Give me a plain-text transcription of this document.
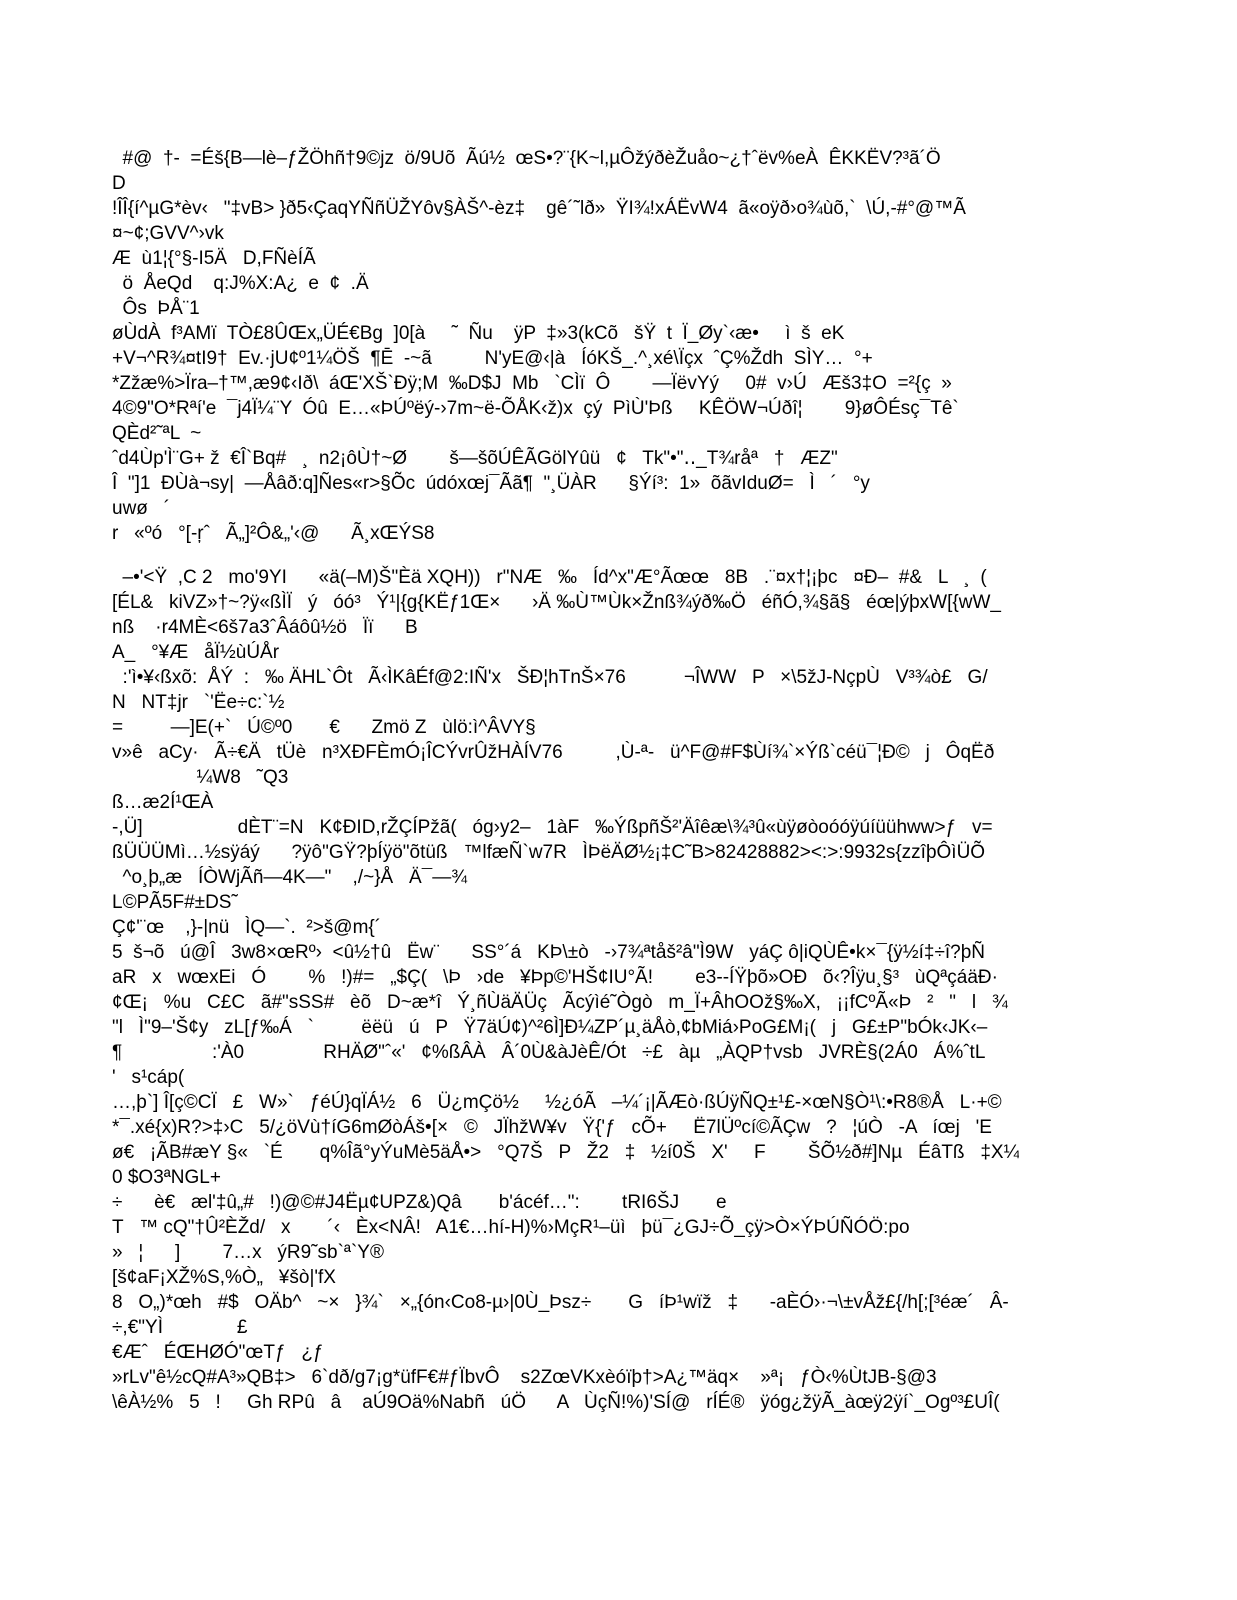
#@  †-  =Éš{B—lè–ƒŽÖhñ†9©jz  ö/9Uõ  Ãú½  œS•?¨{K~l,µÔžýðèŽuåo~¿†ˆëv%eÀ  ÊKKËV?³ã´Ö
D
!ÎÎ{í^µG*èv‹   "‡vB> }ð5‹ÇaqYÑñÜŽYôv§ÀŠ^-èz‡    gê´˜lð»  ŸI¾!xÁËvW4  ã«oÿð›o¾ùõ,`  \Ú,-#°@™Ã
¤~¢;GVV^›vk
Æ  ù1¦{°§-I5Ä   D,FÑèÍÃ
ö  ÅeQd    q:J%X:A¿  e  ¢  .Ä
Ôs  ÞÅ¨1
øÙdÀ  f³AMï  TÒ£8ÛŒx„ÜÉ€Bg  ]0[à     ˜  Ñu    ÿP  ‡»3(kCõ   šŸ  t  Ï_Øy`‹æ•     ì  š  eK
+V¬^R¾¤tI9†  Ev.·jU¢º1¼ÖŠ  ¶Ē  -~ã          N'yE@‹|à   ÍóKŠ_.^¸xé\Ïçx  ˆÇ%Ždh  SÌY…  °+
*Zžæ%>Ïra–†™,æ9¢‹Ið\  áŒ'XŠ`Ðÿ;M  ‰D$J  Mb   `CÌï  Ô        —ÏëvYý     0#  v›Ú   Æš3‡O  =²{ç  »
4©9"O*Rªí'e  ¯j4Ï¼¨Y  Óû  E…«ÞÚºëý-›7m~ë-ÕÅK‹ž)x  çý  PìÙ'Þß     KÊÖW¬Úðî¦        9}øÔÉsç¯Tê`
QÈd²˜ªL  ~
ˆd4Ùp'Ì¨G+ ž  €Î`Bq#   ¸  n2¡ôÙ†~Ø        š—šõÚÊÃGölYûü   ¢   Tk"•"‥_T¾råª   †   ÆZ"
Î  "]1  ÐÙà¬sy|  —Åâð:q]Ñes«r>§Õc  údóxœj¯Ãã¶  "¸ÜÀR      §Ýí³:  1»  õãvIduØ=   Ì   ´   °y
uwø   ´
r   «ºó   °[-ŗˆ   Ã„]²Ô&„'‹@      Ã¸xŒÝS8
–•'<Ÿ  ,C 2   mo'9YI      «ä(–M)Š"Èä XQH))   r"NÆ   ‰   Íd^x"Æ°Ãœœ   8B   .¨¤x†¦¡þc   ¤Ð–  #&   L   ¸  (
[ÉL&   kiVZ»†~?ÿ«ßÌÏ   ý   óó³   Ý¹|{g{KËƒ1Œ×      ›Ä ‰Ù™Ùk×Žnß¾ýð‰Ö   éñÓ,¾§ã§   éœ|ýþxW[{wW_
nß    ·r4MÈ<6š7a3ˆÂáôû½ö   Ïï      B
A_   °¥Æ   åÏ½ùÚÅr
:'ì•¥‹ßxõ:  ÅÝ  :   ‰ ÄHL`Ôt   Ã‹ÌKâÉf@2:IÑ'x   ŠÐ¦hTnŠ×76           ¬ÎWW   P   ×\5žJ-NçpÙ   V³¾ò£   G/
N   NT‡jr   `'Ëe÷c:`½
=         —]E(+`   Ú©º0       €      Zmö Z   ùlö:ì^ÂVY§
v»ê   aCy·   Ã÷€Ä   tÜè   n³XÐFÈmÓ¡ÎCÝvrÛžHÀÍV76          ,Ù-ª-   ü^F@#F$Ùí¾`×Ýß`céü¯¦Ð©   j   ÔqËð
¼W8   ˜Q3
ß…æ2Í¹ŒÀ
-,Ü]                  dÈT¨=N   K¢ÐID,rŽÇÍPžã(   óg›y2–   1àF   ‰ÝßpñŠ²'Äîêæ\¾³û«ùÿøòoóóÿúíüühww>ƒ   v=
ßÜÜÜMì…½sÿáý      ?ÿô"GŸ?þÍÿö"õtüß   ™lfæÑ`w7R   ÌÞëÄØ½¡‡C˜B>82428882><:>:9932s{zzîþÔìÜÕ
^o¸þ„æ   ÍÒWjÃñ—4K—"    ,/~}Å   Ä¯—¾
L©PÃ5F#±DS˜
Ç¢'¨œ    ,}-|nü   ÌQ—`.  ²>š@m{´
5  š¬õ   ú@Î   3w8×œRº›  <û½†û   Ëw¨      SS°´á   KÞ\±ò   -›7¾ªtåš²â"Ì9W   yáÇ ô|iQÙÊ•k×¯{ÿ½í‡÷î?þÑ
aR   x   wœxEi   Ó        %   !)#=   „$Ç(   \Þ   ›de   ¥Þp©'HŠ¢IU°Ã!        e3--ÍŸþõ»OÐ   õ‹?Îÿu¸§³   ùQªçáäÐ·
¢Œ¡   %u   C£C   ã#"sSS#   èõ   D~æ*î   Ý¸ñÙäÄÜç   Ãcýìé˜Ògò   m_Ï+ÂhOOž§‰X,   ¡¡fCºÃ«Þ   ²   "   l   ¾
"l   Ì"9–'Š¢y   zL[ƒ‰Á   `         ëëü   ú   P   Ÿ7äÚ¢)^²6Ì]Ð¼ZP´µ¸äÅò,¢bMiá›PoG£M¡(   j   G£±P"bÓk‹JK‹–
¶                 :'À0               RHÄØ"ˆ«'   ¢%ßÂÀ   Â´0Ù&àJèÊ/Ót   ÷£   àµ   „ÀQP†vsb   JVRÈ§(2Á0   Á%ˆtL
'   s¹cáp(
…,þ`] Î[ç©CÏ   £   W»`   ƒéÚ}qÏÁ½   6   Ü¿mÇö½     ½¿óÃ   –¼´¡|ÃÆò·ßÚÿÑQ±¹£-×œN§Ò¹\:•R8®Å   L·+©
*¯.xé{x)R?>‡›C   5/¿öVù†íG6mØòÁš•[×   ©   JÏhžW¥v   Ÿ{'ƒ   cÕ+     Ë7lÜºcí©ÃÇw   ?   ¦úÒ   -A   íœj   'E
ø€   ¡ÃB#æY §«   `É       q%Îã°yÝuMè5äÅ•>   °Q7Š   P   Ž2   ‡   ½í0Š   X'     F        ŠÕ½ð#]Nµ   ÉâTß   ‡X¼
0 $O3ªNGL+
÷      è€   æl'‡û„#   !)@©#J4Ëµ¢UPZ&)Qâ       b'ácéf…":        tRI6ŠJ       e
T   ™ cQ"†Û²ÈŽd/   x       ´‹   Èx<NÂ!   A1€…hí-H)%›MçR¹–üì   þü¯¿GJ÷Õ_çÿ>Ò×ÝÞÚÑÓÖ:po
»   ¦      ]        7…x   ýR9˜sb`ª`Y®
[š¢aF¡XŽ%S,%Ò„   ¥šò|'fX
8   O„)*œh   #$   OÄb^   ~×   }¾`   ×„{ón‹Co8-µ›|0Ù_Þsz÷       G   íÞ¹wïž   ‡      -aÈÓ›·¬\±vÅž£{/h[;[³éæ´   Â-
÷,€"YÌ              £
€Æˆ   ÉŒHØÓ"œTƒ   ¿ƒ
»rLv"ê½cQ#A³»QB‡>   6`dð/g7¡g*üfF€#ƒÏbvÔ    s2ZœVKxèóïþ†>A¿™äq×    »ª¡   ƒÒ‹%ÙtJB-§@3
\êÀ½%   5   !     Gh RPû   â    aÚ9Oä%Nabñ   úÖ      A   ÙçÑ!%)'SÍ@   rÍÉ®   ÿóg¿žÿÃ_àœÿ2ÿí`_Ogº³£UÎ(
